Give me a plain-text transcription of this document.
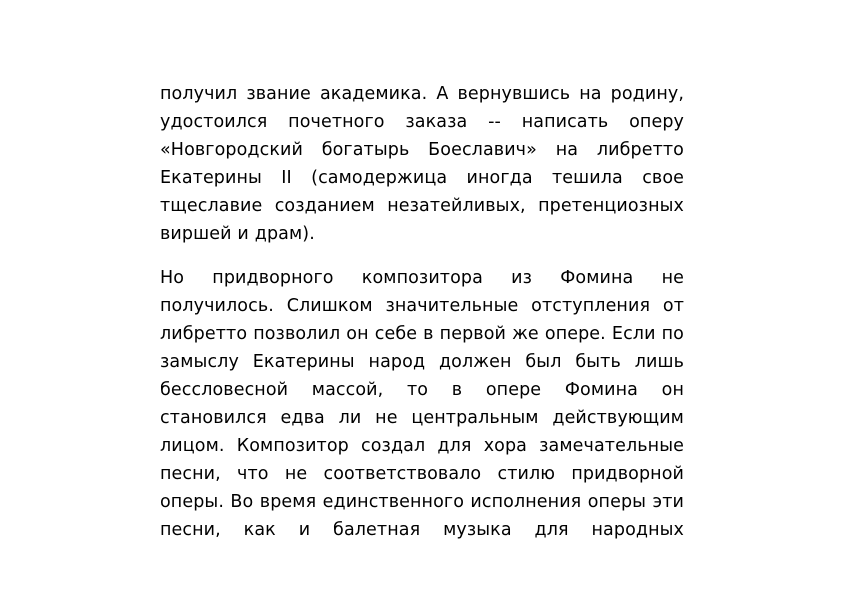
получил звание академика. А вернувшись на родину, удостоился почетного заказа -- написать оперу «Новгородский богатырь Боеславич» на либретто Екатерины II (самодержица иногда тешила свое тщеславие созданием незатейливых, претенциозных виршей и драм).

Но придворного композитора из Фомина не получилось. Слишком значительные отступления от либретто позволил он себе в первой же опере. Если по замыслу Екатерины народ должен был быть лишь бессловесной массой, то в опере Фомина он становился едва ли не центральным действующим лицом. Композитор создал для хора замечательные песни, что не соответствовало стилю придворной оперы. Во время единственного исполнения оперы эти песни, как и балетная музыка для народных
